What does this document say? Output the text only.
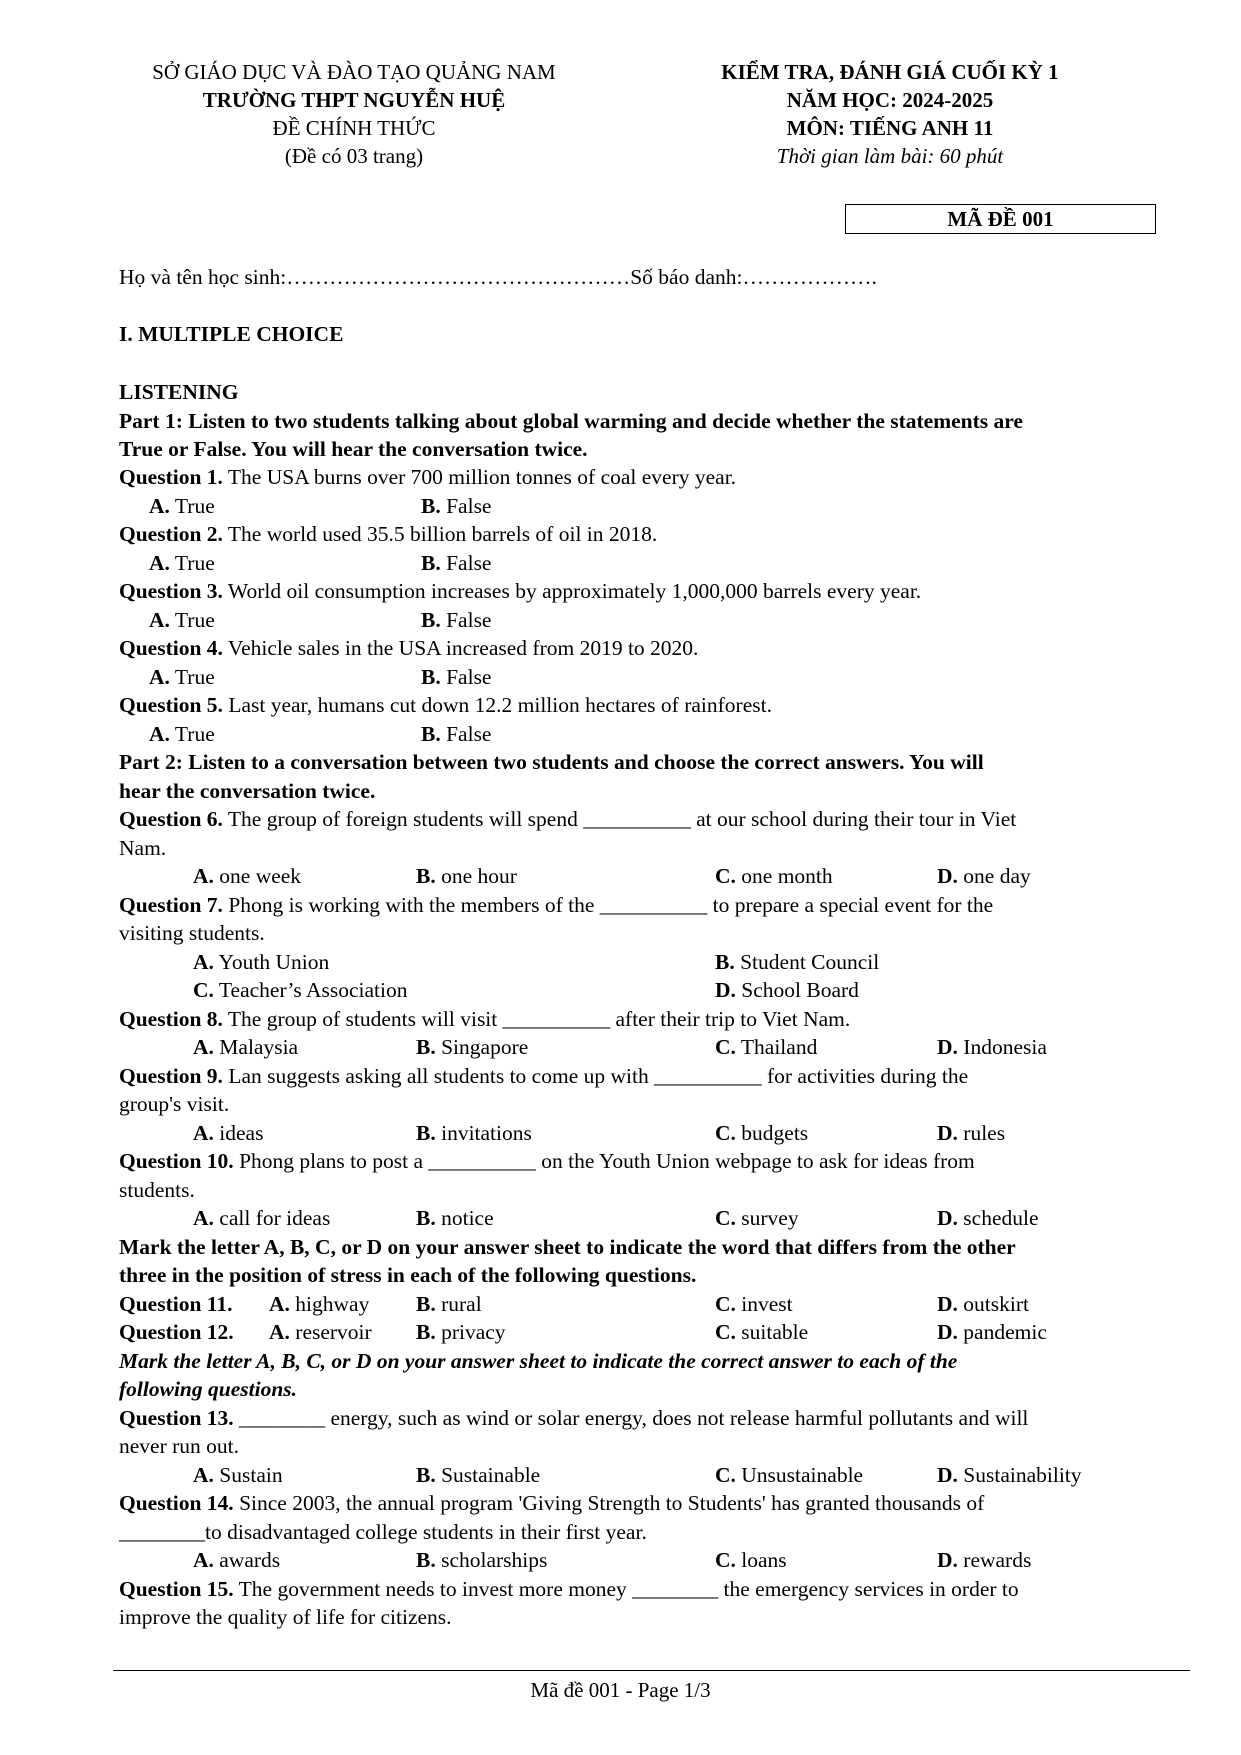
SỞ GIÁO DỤC VÀ ĐÀO TẠO QUẢNG NAM
TRƯỜNG THPT NGUYỄN HUỆ
ĐỀ CHÍNH THỨC
(Đề có 03 trang)
KIỂM TRA, ĐÁNH GIÁ CUỐI KỲ 1
NĂM HỌC: 2024-2025
MÔN: TIẾNG ANH 11
Thời gian làm bài: 60 phút
MÃ ĐỀ 001
Họ và tên học sinh:…………………………………………Số báo danh:……………….
I. MULTIPLE CHOICE
LISTENING
Part 1: Listen to two students talking about global warming and decide whether the statements are
True or False. You will hear the conversation twice.
Question 1. The USA burns over 700 million tonnes of coal every year.
A. True	B. False
Question 2. The world used 35.5 billion barrels of oil in 2018.
A. True	B. False
Question 3. World oil consumption increases by approximately 1,000,000 barrels every year.
A. True	B. False
Question 4. Vehicle sales in the USA increased from 2019 to 2020.
A. True	B. False
Question 5. Last year, humans cut down 12.2 million hectares of rainforest.
A. True	B. False
Part 2: Listen to a conversation between two students and choose the correct answers. You will
hear the conversation twice.
Question 6. The group of foreign students will spend __________ at our school during their tour in Viet
Nam.
A. one week	B. one hour	C. one month	D. one day
Question 7. Phong is working with the members of the __________ to prepare a special event for the
visiting students.
A. Youth Union	B. Student Council
C. Teacher’s Association	D. School Board
Question 8. The group of students will visit __________ after their trip to Viet Nam.
A. Malaysia	B. Singapore	C. Thailand	D. Indonesia
Question 9. Lan suggests asking all students to come up with __________ for activities during the
group's visit.
A. ideas	B. invitations	C. budgets	D. rules
Question 10. Phong plans to post a __________ on the Youth Union webpage to ask for ideas from
students.
A. call for ideas	B. notice	C. survey	D. schedule
Mark the letter A, B, C, or D on your answer sheet to indicate the word that differs from the other
three in the position of stress in each of the following questions.
Question 11. A. highway B. rural	C. invest	D. outskirt
Question 12. A. reservoir B. privacy	C. suitable	D. pandemic
Mark the letter A, B, C, or D on your answer sheet to indicate the correct answer to each of the
following questions.
Question 13. ________ energy, such as wind or solar energy, does not release harmful pollutants and will
never run out.
A. Sustain	B. Sustainable	C. Unsustainable	D. Sustainability
Question 14. Since 2003, the annual program 'Giving Strength to Students' has granted thousands of
________to disadvantaged college students in their first year.
A. awards	B. scholarships	C. loans	D. rewards
Question 15. The government needs to invest more money ________ the emergency services in order to
improve the quality of life for citizens.
Mã đề 001 - Page 1/3
